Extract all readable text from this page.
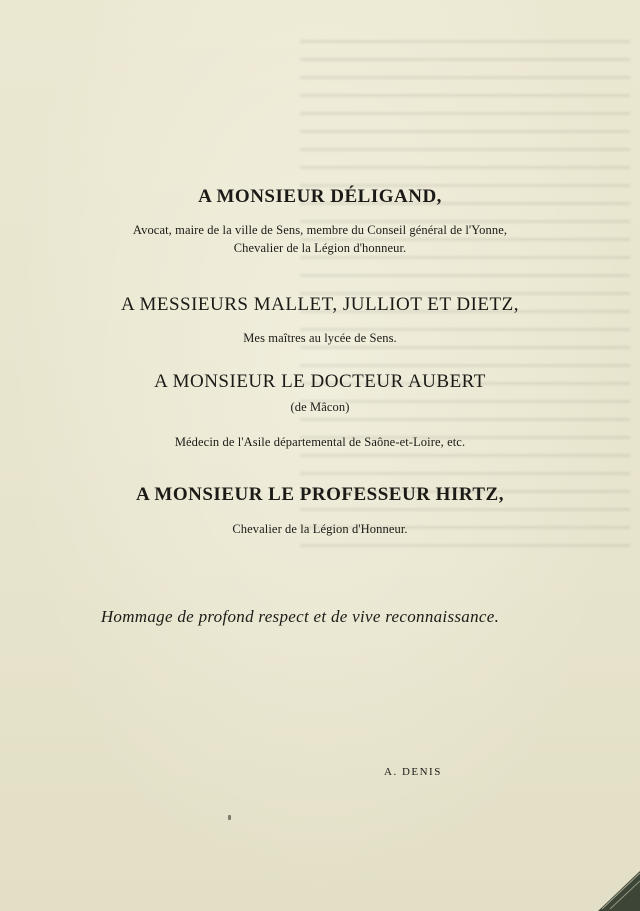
A MONSIEUR DÉLIGAND,
Avocat, maire de la ville de Sens, membre du Conseil général de l'Yonne,
Chevalier de la Légion d'honneur.
A MESSIEURS MALLET, JULLIOT ET DIETZ,
Mes maîtres au lycée de Sens.
A MONSIEUR LE DOCTEUR AUBERT
(de Mâcon)
Médecin de l'Asile départemental de Saône-et-Loire, etc.
A MONSIEUR LE PROFESSEUR HIRTZ,
Chevalier de la Légion d'Honneur.
Hommage de profond respect et de vive reconnaissance.
A. DENIS
